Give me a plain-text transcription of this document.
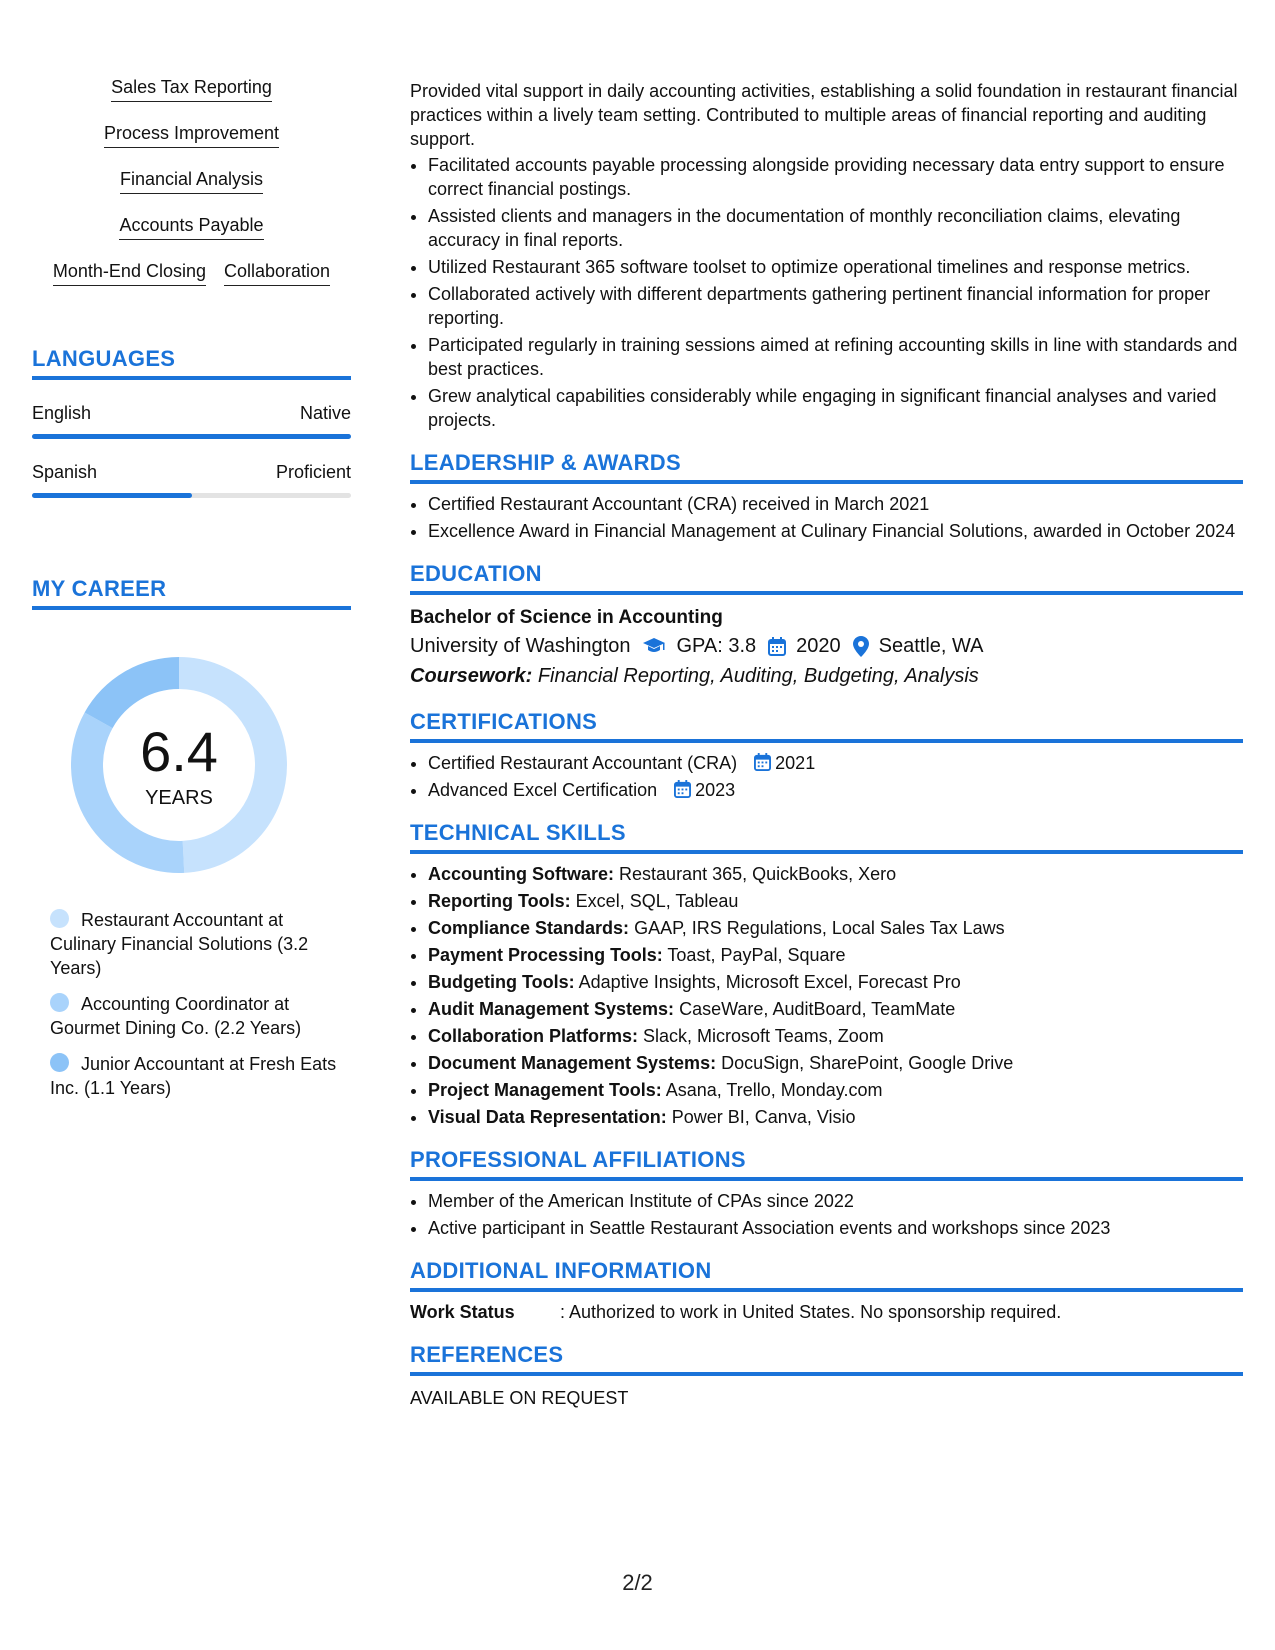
Sales Tax Reporting
Process Improvement
Financial Analysis
Accounts Payable
Month-End Closing Collaboration
LANGUAGES
English	Native
Spanish	Proficient
MY CAREER
6.4
YEARS
Restaurant Accountant at Culinary Financial Solutions (3.2 Years)
Accounting Coordinator at Gourmet Dining Co. (2.2 Years)
Junior Accountant at Fresh Eats Inc. (1.1 Years)

Provided vital support in daily accounting activities, establishing a solid foundation in restaurant financial practices within a lively team setting. Contributed to multiple areas of financial reporting and auditing support.

• Facilitated accounts payable processing alongside providing necessary data entry support to ensure correct financial postings.
• Assisted clients and managers in the documentation of monthly reconciliation claims, elevating accuracy in final reports.
• Utilized Restaurant 365 software toolset to optimize operational timelines and response metrics.
• Collaborated actively with different departments gathering pertinent financial information for proper reporting.
• Participated regularly in training sessions aimed at refining accounting skills in line with standards and best practices.
• Grew analytical capabilities considerably while engaging in significant financial analyses and varied projects.
LEADERSHIP & AWARDS
• Certified Restaurant Accountant (CRA) received in March 2021
• Excellence Award in Financial Management at Culinary Financial Solutions, awarded in October 2024
EDUCATION
Bachelor of Science in Accounting
University of Washington GPA: 3.8 2020 Seattle, WA
Coursework: Financial Reporting, Auditing, Budgeting, Analysis
CERTIFICATIONS
• Certified Restaurant Accountant (CRA) 2021
• Advanced Excel Certification 2023
TECHNICAL SKILLS
• Accounting Software: Restaurant 365, QuickBooks, Xero
• Reporting Tools: Excel, SQL, Tableau
• Compliance Standards: GAAP, IRS Regulations, Local Sales Tax Laws
• Payment Processing Tools: Toast, PayPal, Square
• Budgeting Tools: Adaptive Insights, Microsoft Excel, Forecast Pro
• Audit Management Systems: CaseWare, AuditBoard, TeamMate
• Collaboration Platforms: Slack, Microsoft Teams, Zoom
• Document Management Systems: DocuSign, SharePoint, Google Drive
• Project Management Tools: Asana, Trello, Monday.com
• Visual Data Representation: Power BI, Canva, Visio
PROFESSIONAL AFFILIATIONS
• Member of the American Institute of CPAs since 2022
• Active participant in Seattle Restaurant Association events and workshops since 2023
ADDITIONAL INFORMATION
Work Status	: Authorized to work in United States. No sponsorship required.
REFERENCES
AVAILABLE ON REQUEST
2/2
